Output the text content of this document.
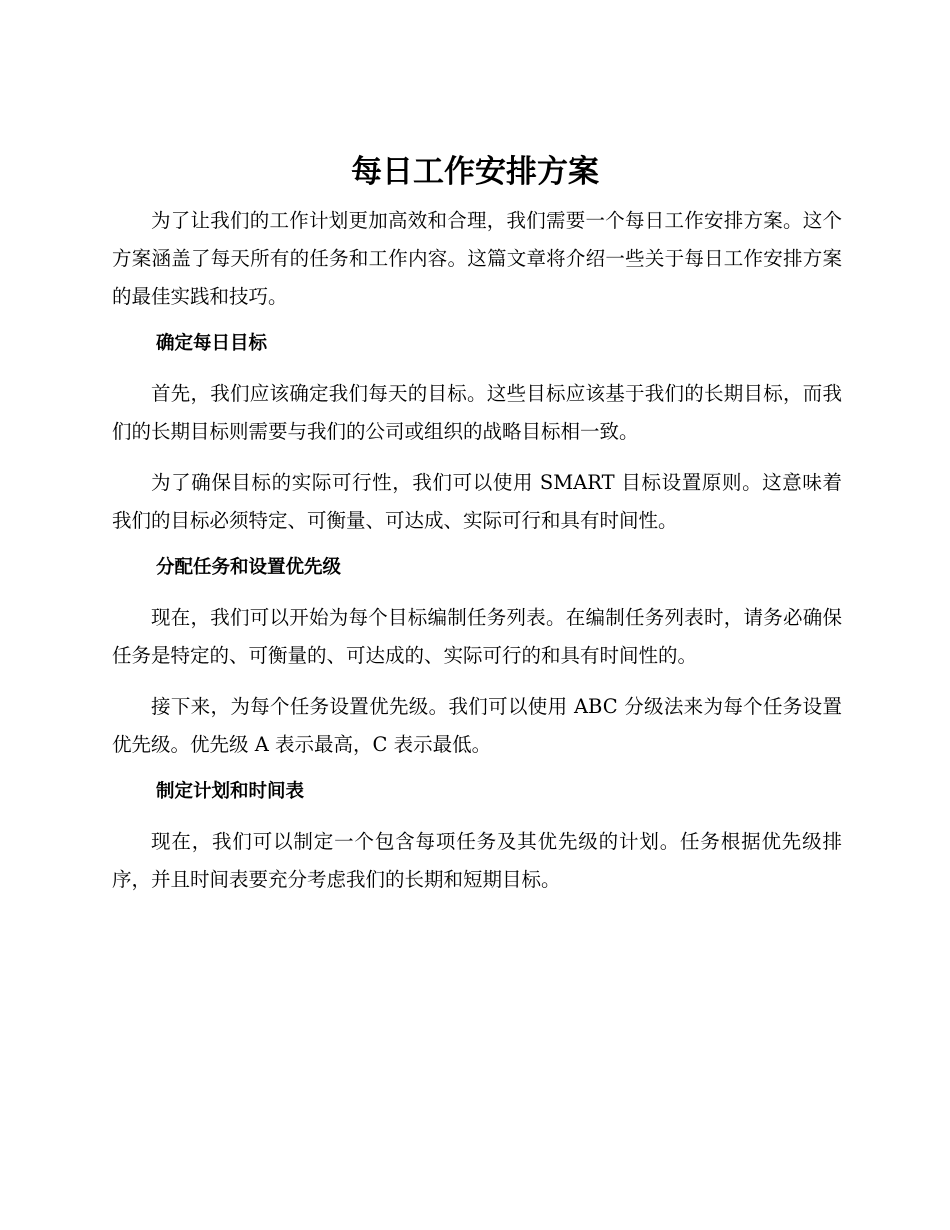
每日工作安排方案

为了让我们的工作计划更加高效和合理，我们需要一个每日工作安排方案。这个方案涵盖了每天所有的任务和工作内容。这篇文章将介绍一些关于每日工作安排方案的最佳实践和技巧。

确定每日目标

首先，我们应该确定我们每天的目标。这些目标应该基于我们的长期目标，而我们的长期目标则需要与我们的公司或组织的战略目标相一致。

为了确保目标的实际可行性，我们可以使用 SMART 目标设置原则。这意味着我们的目标必须特定、可衡量、可达成、实际可行和具有时间性。

分配任务和设置优先级

现在，我们可以开始为每个目标编制任务列表。在编制任务列表时，请务必确保任务是特定的、可衡量的、可达成的、实际可行的和具有时间性的。

接下来，为每个任务设置优先级。我们可以使用 ABC 分级法来为每个任务设置优先级。优先级 A 表示最高，C 表示最低。

制定计划和时间表

现在，我们可以制定一个包含每项任务及其优先级的计划。任务根据优先级排序，并且时间表要充分考虑我们的长期和短期目标。
